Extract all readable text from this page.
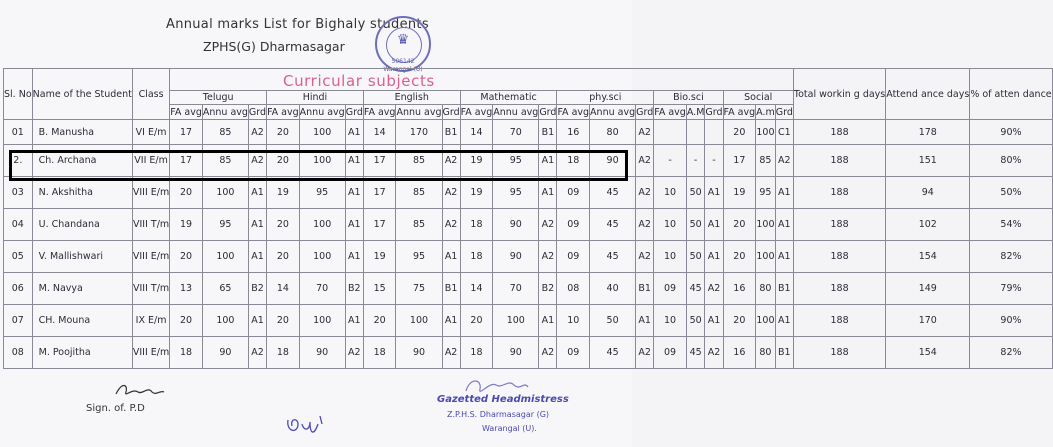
Annual marks List for Bighaly students
ZPHS(G) Dharmasagar	♛
506142
Warangal (U)
Curricular subjects
Sl. No	Name of the Student	Class																						Total workin g days	Attend ance days	% of atten dance
			Telugu			Hindi			English			Mathematic			phy.sci			Bio.sci			Social					
			FA avg	Annu avg	Grd	FA avg	Annu avg	Grd	FA avg	Annu avg	Grd	FA avg	Annu avg	Grd	FA avg	Annu avg	Grd	FA avg	A.M	Grd	FA avg	A.m	Grd			
01	B. Manusha	VI E/m	17	85	A2	20	100	A1	14	170	B1	14	70	B1	16	80	A2				20	100	C1	188	178	90%
2.	Ch. Archana	VII E/m	17	85	A2	20	100	A1	17	85	A2	19	95	A1	18	90	A2	-	-	-	17	85	A2	188	151	80%
03	N. Akshitha	VIII E/m	20	100	A1	19	95	A1	17	85	A2	19	95	A1	09	45	A2	10	50	A1	19	95	A1	188	94	50%
04	U. Chandana	VIII T/m	19	95	A1	20	100	A1	17	85	A2	18	90	A2	09	45	A2	10	50	A1	20	100	A1	188	102	54%
05	V. Mallishwari	VIII E/m	20	100	A1	20	100	A1	19	95	A1	18	90	A2	09	45	A2	10	50	A1	20	100	A1	188	154	82%
06	M. Navya	VIII T/m	13	65	B2	14	70	B2	15	75	B1	14	70	B2	08	40	B1	09	45	A2	16	80	B1	188	149	79%
07	CH. Mouna	IX E/m	20	100	A1	20	100	A1	20	100	A1	20	100	A1	10	50	A1	10	50	A1	20	100	A1	188	170	90%
08	M. Poojitha	VIII E/m	18	90	A2	18	90	A2	18	90	A2	18	90	A2	09	45	A2	09	45	A2	16	80	B1	188	154	82%
Sign. of. P.D
Gazetted Headmistress
Z.P.H.S. Dharmasagar (G)
Warangal (U).
